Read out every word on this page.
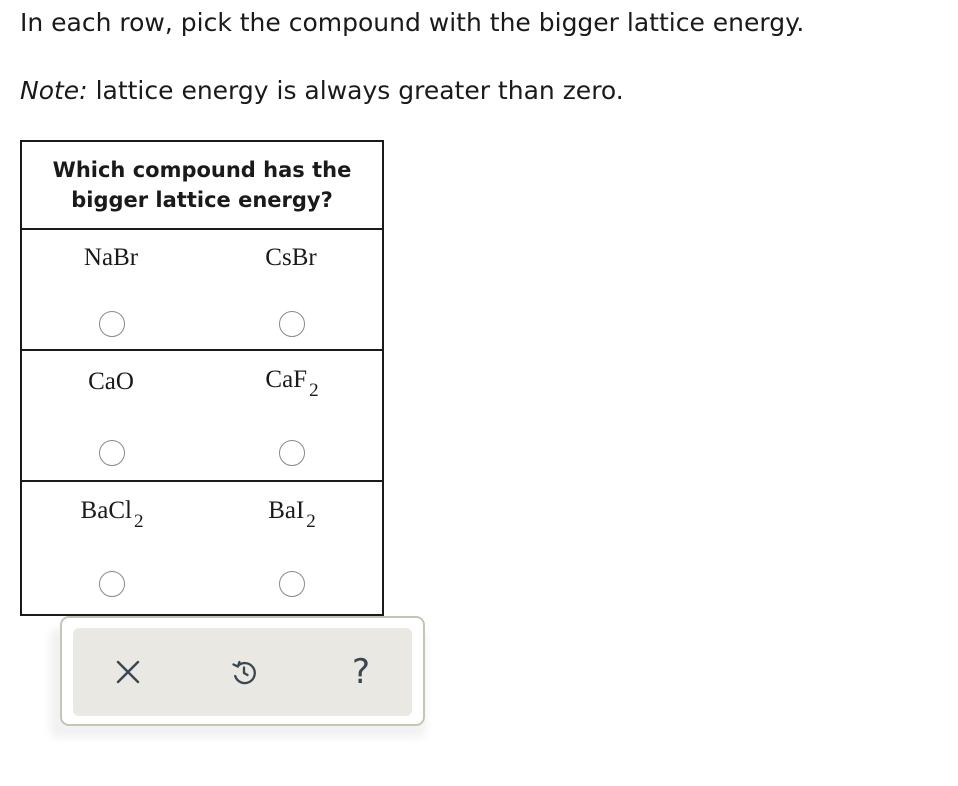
In each row, pick the compound with the bigger lattice energy.
Note: lattice energy is always greater than zero.
Which compound has the
bigger lattice energy?
NaBr	CsBr
CaO	CaF $_2$
BaCl $_2$	BaI $_2$
?
